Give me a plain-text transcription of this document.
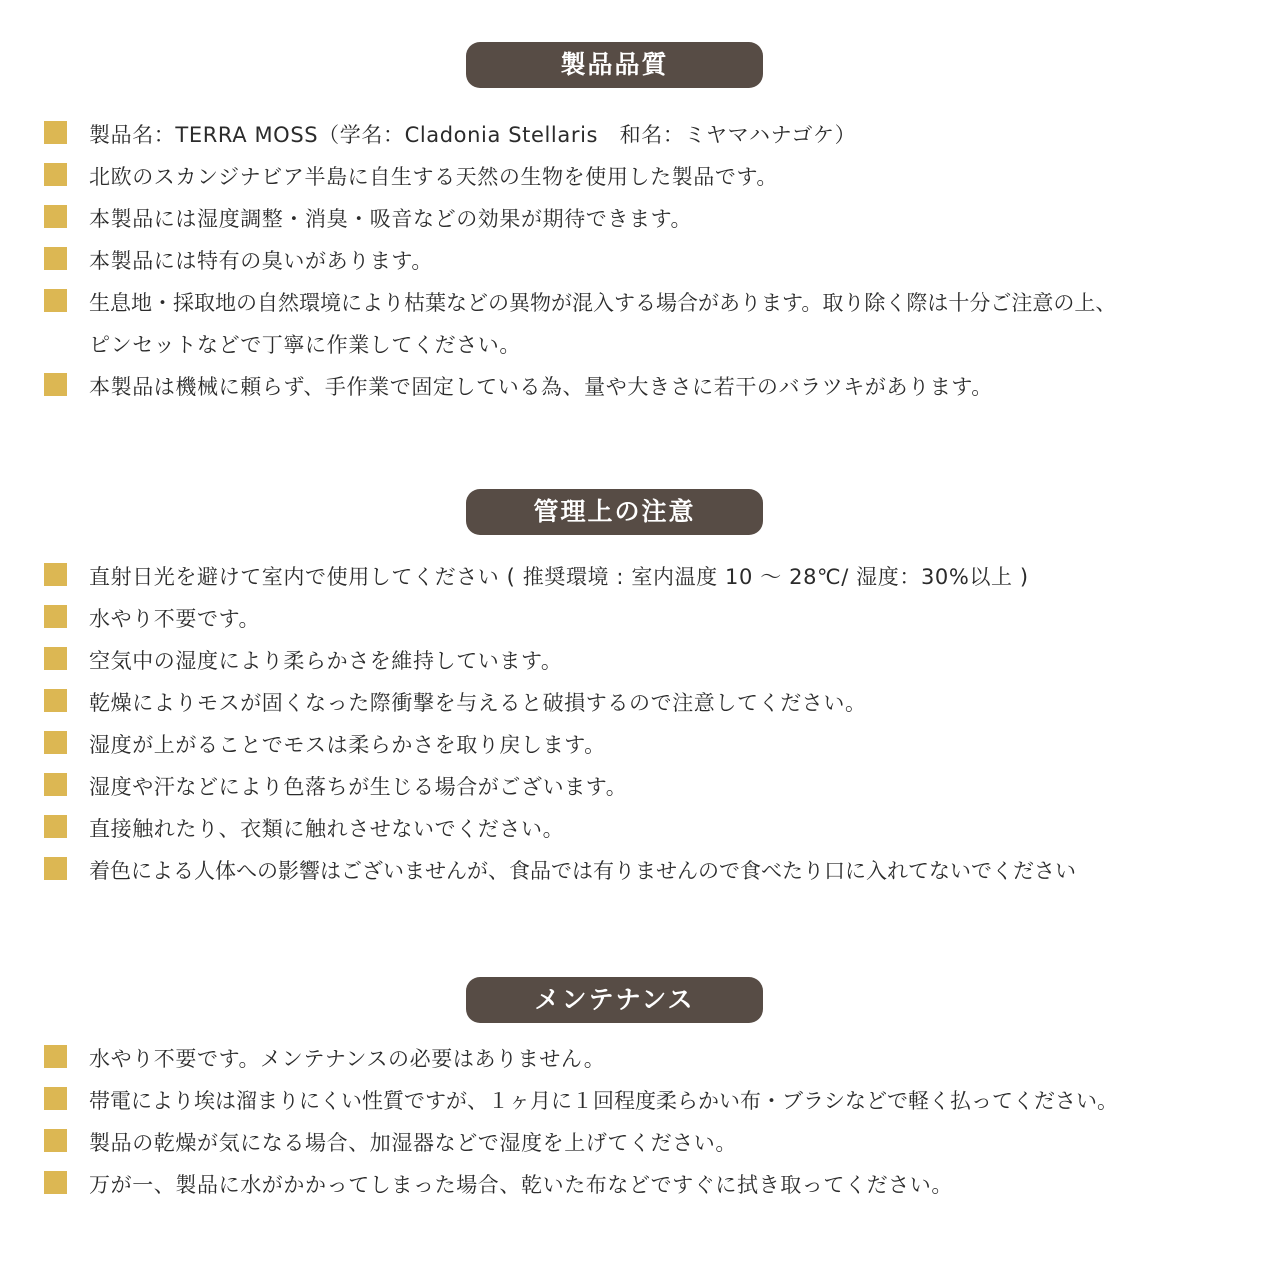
製品品質
製品名：TERRA MOSS（学名：Cladonia Stellaris　和名：ミヤマハナゴケ）
北欧のスカンジナビア半島に自生する天然の生物を使用した製品です。
本製品には湿度調整・消臭・吸音などの効果が期待できます。
本製品には特有の臭いがあります。
生息地・採取地の自然環境により枯葉などの異物が混入する場合があります。取り除く際は十分ご注意の上、
ピンセットなどで丁寧に作業してください。
本製品は機械に頼らず、手作業で固定している為、量や大きさに若干のバラツキがあります。
管理上の注意
直射日光を避けて室内で使用してください ( 推奨環境 : 室内温度 10 ～ 28℃/ 湿度：30%以上 )
水やり不要です。
空気中の湿度により柔らかさを維持しています。
乾燥によりモスが固くなった際衝撃を与えると破損するので注意してください。
湿度が上がることでモスは柔らかさを取り戻します。
湿度や汗などにより色落ちが生じる場合がございます。
直接触れたり、衣類に触れさせないでください。
着色による人体への影響はございませんが、食品では有りませんので食べたり口に入れてないでください
メンテナンス
水やり不要です。メンテナンスの必要はありません。
帯電により埃は溜まりにくい性質ですが、１ヶ月に１回程度柔らかい布・ブラシなどで軽く払ってください。
製品の乾燥が気になる場合、加湿器などで湿度を上げてください。
万が一、製品に水がかかってしまった場合、乾いた布などですぐに拭き取ってください。
